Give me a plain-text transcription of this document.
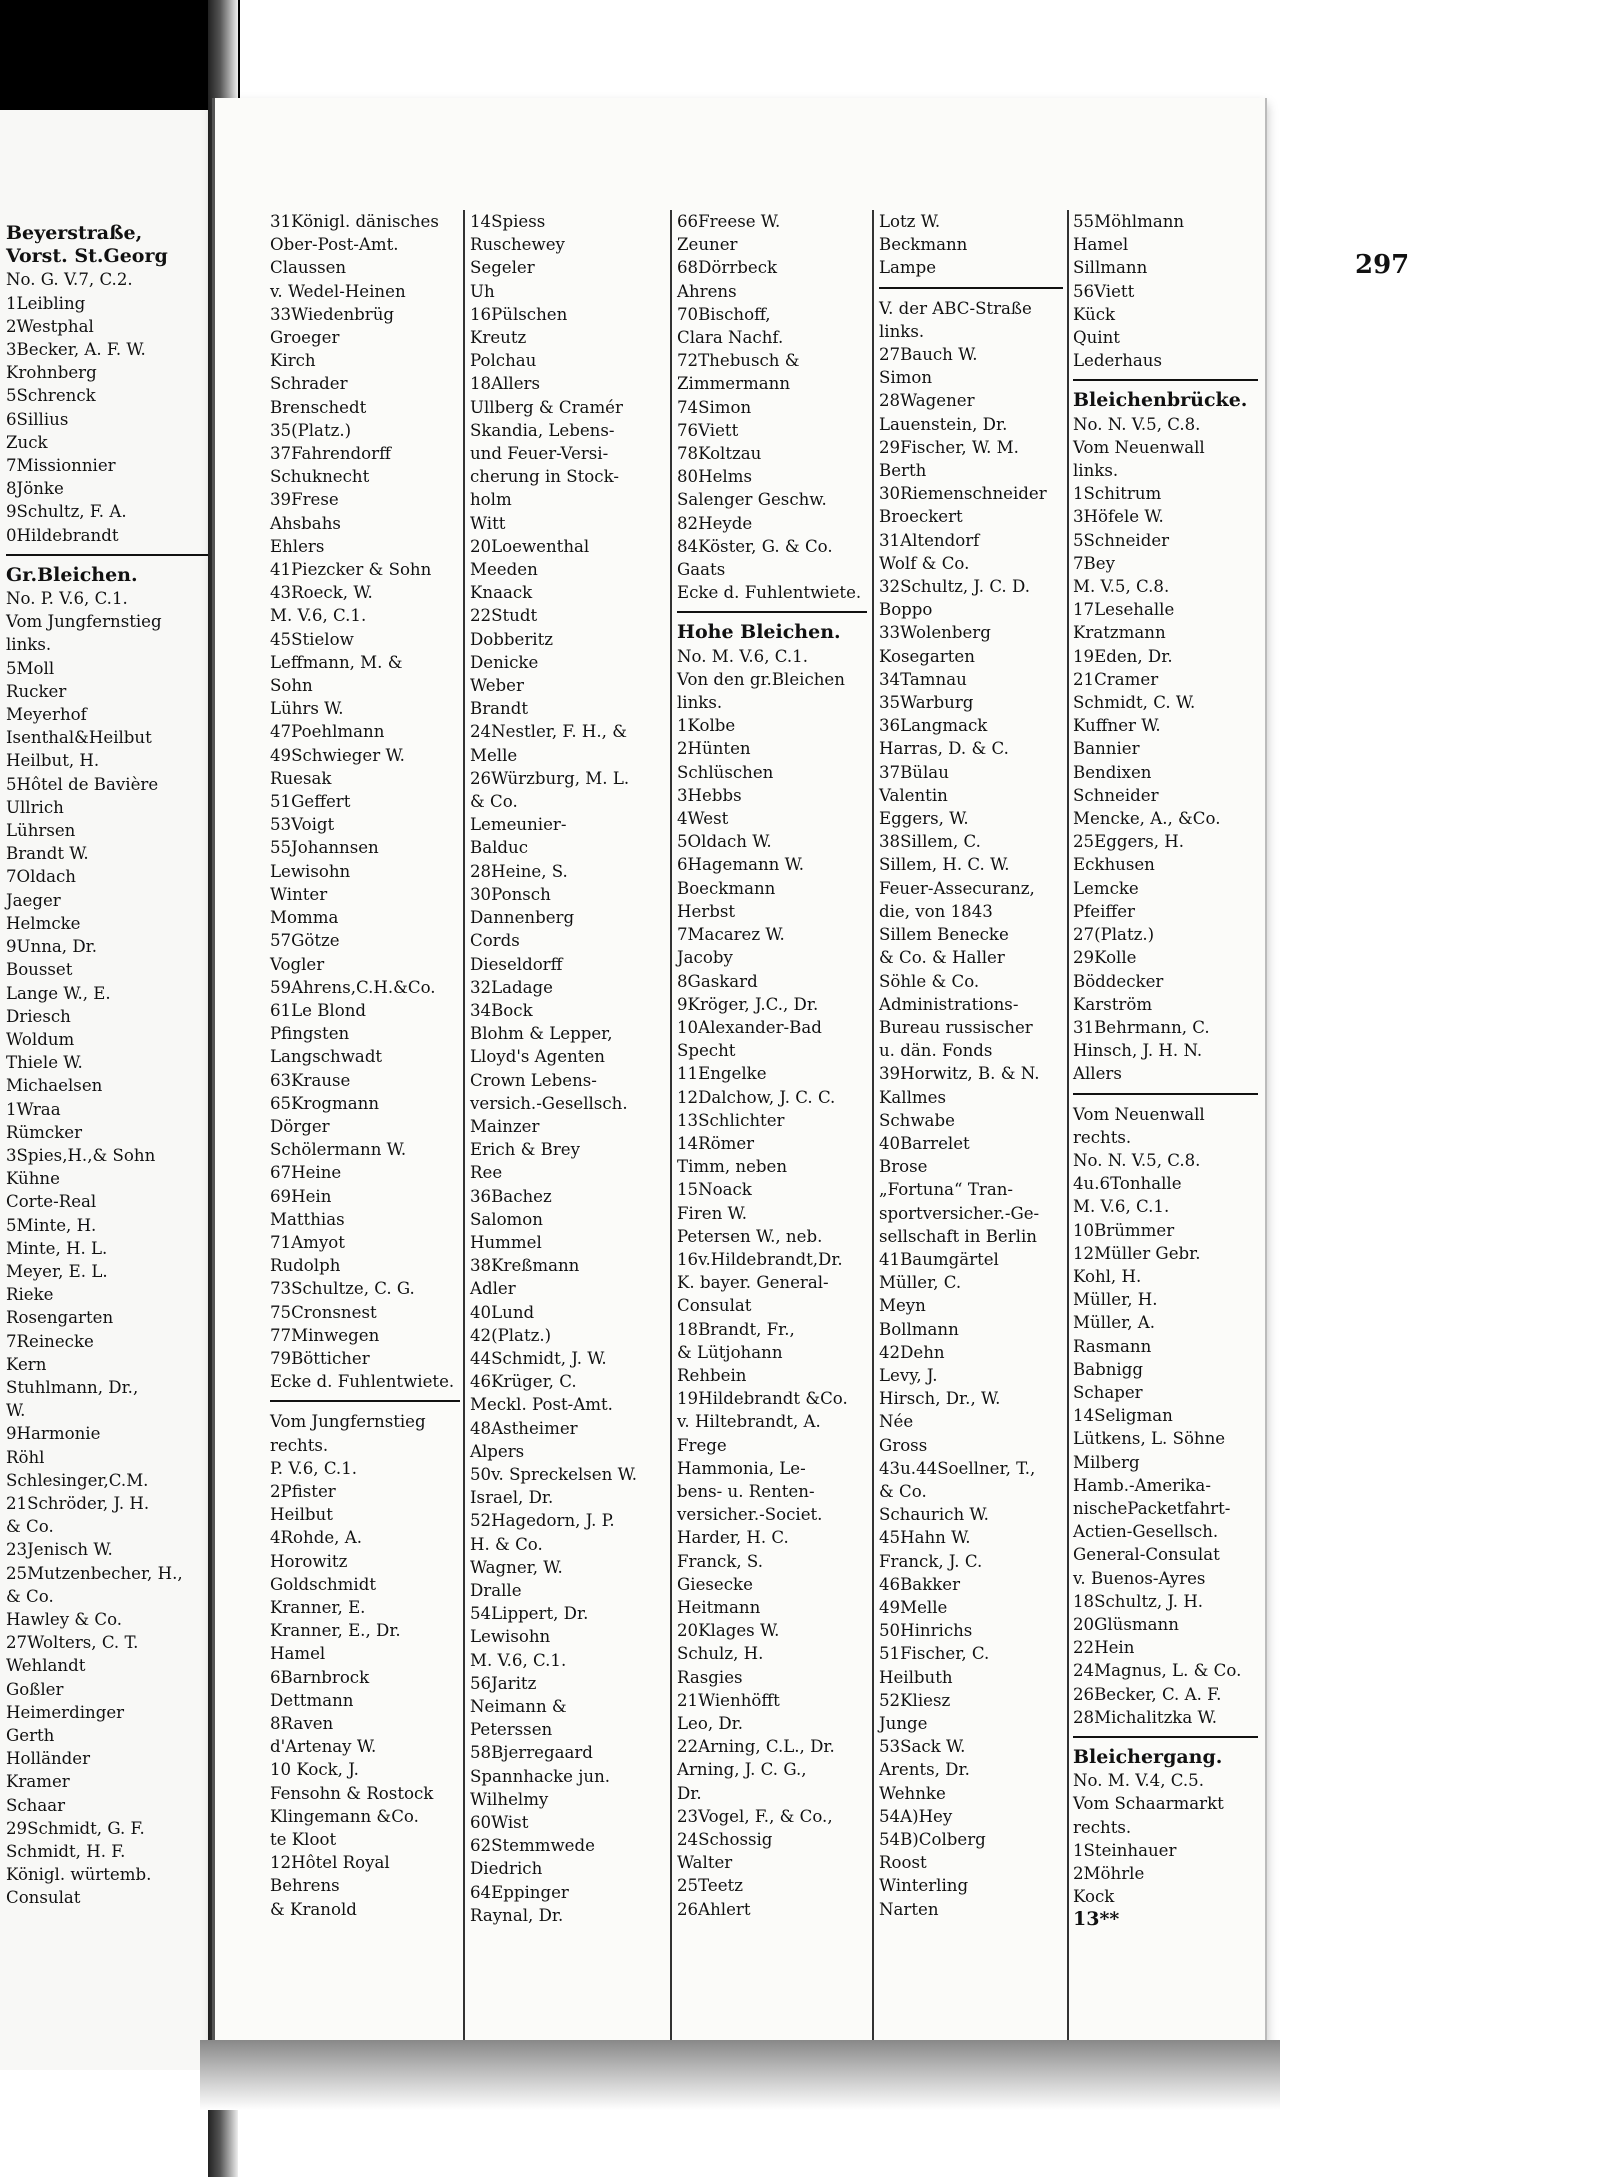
Beyerstraße,
Vorst. St.Georg
No. G. V.7, C.2.
1Leibling
2Westphal
3Becker, A. F. W.
Krohnberg
5Schrenck
6Sillius
Zuck
7Missionnier
8Jönke
9Schultz, F. A.
0Hildebrandt
Gr.Bleichen.
No. P. V.6, C.1.
Vom Jungfernstieg
links.
5Moll
Rucker
Meyerhof
Isenthal&Heilbut
Heilbut, H.
5Hôtel de Bavière
Ullrich
Lührsen
Brandt W.
7Oldach
Jaeger
Helmcke
9Unna, Dr.
Bousset
Lange W., E.
Driesch
Woldum
Thiele W.
Michaelsen
1Wraa
Rümcker
3Spies,H.,& Sohn
Kühne
Corte-Real
5Minte, H.
Minte, H. L.
Meyer, E. L.
Rieke
Rosengarten
7Reinecke
Kern
Stuhlmann, Dr.,
W.
9Harmonie
Röhl
Schlesinger,C.M.
21Schröder, J. H.
& Co.
23Jenisch W.
25Mutzenbecher, H.,
& Co.
Hawley & Co.
27Wolters, C. T.
Wehlandt
Goßler
Heimerdinger
Gerth
Holländer
Kramer
Schaar
29Schmidt, G. F.
Schmidt, H. F.
Königl. würtemb.
Consulat
297
31Königl. dänisches
Ober-Post-Amt.
Claussen
v. Wedel-Heinen
33Wiedenbrüg
Groeger
Kirch
Schrader
Brenschedt
35(Platz.)
37Fahrendorff
Schuknecht
39Frese
Ahsbahs
Ehlers
41Piezcker & Sohn
43Roeck, W.
M. V.6, C.1.
45Stielow
Leffmann, M. &
Sohn
Lührs W.
47Poehlmann
49Schwieger W.
Ruesak
51Geffert
53Voigt
55Johannsen
Lewisohn
Winter
Momma
57Götze
Vogler
59Ahrens,C.H.&Co.
61Le Blond
Pfingsten
Langschwadt
63Krause
65Krogmann
Dörger
Schölermann W.
67Heine
69Hein
Matthias
71Amyot
Rudolph
73Schultze, C. G.
75Cronsnest
77Minwegen
79Bötticher
Ecke d. Fuhlentwiete.
Vom Jungfernstieg
rechts.
P. V.6, C.1.
2Pfister
Heilbut
4Rohde, A.
Horowitz
Goldschmidt
Kranner, E.
Kranner, E., Dr.
Hamel
6Barnbrock
Dettmann
8Raven
d'Artenay W.
10 Kock, J.
Fensohn & Rostock
Klingemann &Co.
te Kloot
12Hôtel Royal
Behrens
& Kranold
14Spiess
Ruschewey
Segeler
Uh
16Pülschen
Kreutz
Polchau
18Allers
Ullberg & Cramér
Skandia, Lebens-
und Feuer-Versi-
cherung in Stock-
holm
Witt
20Loewenthal
Meeden
Knaack
22Studt
Dobberitz
Denicke
Weber
Brandt
24Nestler, F. H., &
Melle
26Würzburg, M. L.
& Co.
Lemeunier-
Balduc
28Heine, S.
30Ponsch
Dannenberg
Cords
Dieseldorff
32Ladage
34Bock
Blohm & Lepper,
Lloyd's Agenten
Crown Lebens-
versich.-Gesellsch.
Mainzer
Erich & Brey
Ree
36Bachez
Salomon
Hummel
38Kreßmann
Adler
40Lund
42(Platz.)
44Schmidt, J. W.
46Krüger, C.
Meckl. Post-Amt.
48Astheimer
Alpers
50v. Spreckelsen W.
Israel, Dr.
52Hagedorn, J. P.
H. & Co.
Wagner, W.
Dralle
54Lippert, Dr.
Lewisohn
M. V.6, C.1.
56Jaritz
Neimann &
Peterssen
58Bjerregaard
Spannhacke jun.
Wilhelmy
60Wist
62Stemmwede
Diedrich
64Eppinger
Raynal, Dr.
66Freese W.
Zeuner
68Dörrbeck
Ahrens
70Bischoff,
Clara Nachf.
72Thebusch &
Zimmermann
74Simon
76Viett
78Koltzau
80Helms
Salenger Geschw.
82Heyde
84Köster, G. & Co.
Gaats
Ecke d. Fuhlentwiete.
Hohe Bleichen.
No. M. V.6, C.1.
Von den gr.Bleichen
links.
1Kolbe
2Hünten
Schlüschen
3Hebbs
4West
5Oldach W.
6Hagemann W.
Boeckmann
Herbst
7Macarez W.
Jacoby
8Gaskard
9Kröger, J.C., Dr.
10Alexander-Bad
Specht
11Engelke
12Dalchow, J. C. C.
13Schlichter
14Römer
Timm, neben
15Noack
Firen W.
Petersen W., neb.
16v.Hildebrandt,Dr.
K. bayer. General-
Consulat
18Brandt, Fr.,
& Lütjohann
Rehbein
19Hildebrandt &Co.
v. Hiltebrandt, A.
Frege
Hammonia, Le-
bens- u. Renten-
versicher.-Societ.
Harder, H. C.
Franck, S.
Giesecke
Heitmann
20Klages W.
Schulz, H.
Rasgies
21Wienhöfft
Leo, Dr.
22Arning, C.L., Dr.
Arning, J. C. G.,
Dr.
23Vogel, F., & Co.,
24Schossig
Walter
25Teetz
26Ahlert
Lotz W.
Beckmann
Lampe
V. der ABC-Straße
links.
27Bauch W.
Simon
28Wagener
Lauenstein, Dr.
29Fischer, W. M.
Berth
30Riemenschneider
Broeckert
31Altendorf
Wolf & Co.
32Schultz, J. C. D.
Boppo
33Wolenberg
Kosegarten
34Tamnau
35Warburg
36Langmack
Harras, D. & C.
37Bülau
Valentin
Eggers, W.
38Sillem, C.
Sillem, H. C. W.
Feuer-Assecuranz,
die, von 1843
Sillem Benecke
& Co. & Haller
Söhle & Co.
Administrations-
Bureau russischer
u. dän. Fonds
39Horwitz, B. & N.
Kallmes
Schwabe
40Barrelet
Brose
„Fortuna“ Tran-
sportversicher.-Ge-
sellschaft in Berlin
41Baumgärtel
Müller, C.
Meyn
Bollmann
42Dehn
Levy, J.
Hirsch, Dr., W.
Née
Gross
43u.44Soellner, T.,
& Co.
Schaurich W.
45Hahn W.
Franck, J. C.
46Bakker
49Melle
50Hinrichs
51Fischer, C.
Heilbuth
52Kliesz
Junge
53Sack W.
Arents, Dr.
Wehnke
54A)Hey
54B)Colberg
Roost
Winterling
Narten
55Möhlmann
Hamel
Sillmann
56Viett
Kück
Quint
Lederhaus
Bleichenbrücke.
No. N. V.5, C.8.
Vom Neuenwall
links.
1Schitrum
3Höfele W.
5Schneider
7Bey
M. V.5, C.8.
17Lesehalle
Kratzmann
19Eden, Dr.
21Cramer
Schmidt, C. W.
Kuffner W.
Bannier
Bendixen
Schneider
Mencke, A., &Co.
25Eggers, H.
Eckhusen
Lemcke
Pfeiffer
27(Platz.)
29Kolle
Böddecker
Karström
31Behrmann, C.
Hinsch, J. H. N.
Allers
Vom Neuenwall
rechts.
No. N. V.5, C.8.
4u.6Tonhalle
M. V.6, C.1.
10Brümmer
12Müller Gebr.
Kohl, H.
Müller, H.
Müller, A.
Rasmann
Babnigg
Schaper
14Seligman
Lütkens, L. Söhne
Milberg
Hamb.-Amerika-
nischePacketfahrt-
Actien-Gesellsch.
General-Consulat
v. Buenos-Ayres
18Schultz, J. H.
20Glüsmann
22Hein
24Magnus, L. & Co.
26Becker, C. A. F.
28Michalitzka W.
Bleichergang.
No. M. V.4, C.5.
Vom Schaarmarkt
rechts.
1Steinhauer
2Möhrle
Kock
13**
